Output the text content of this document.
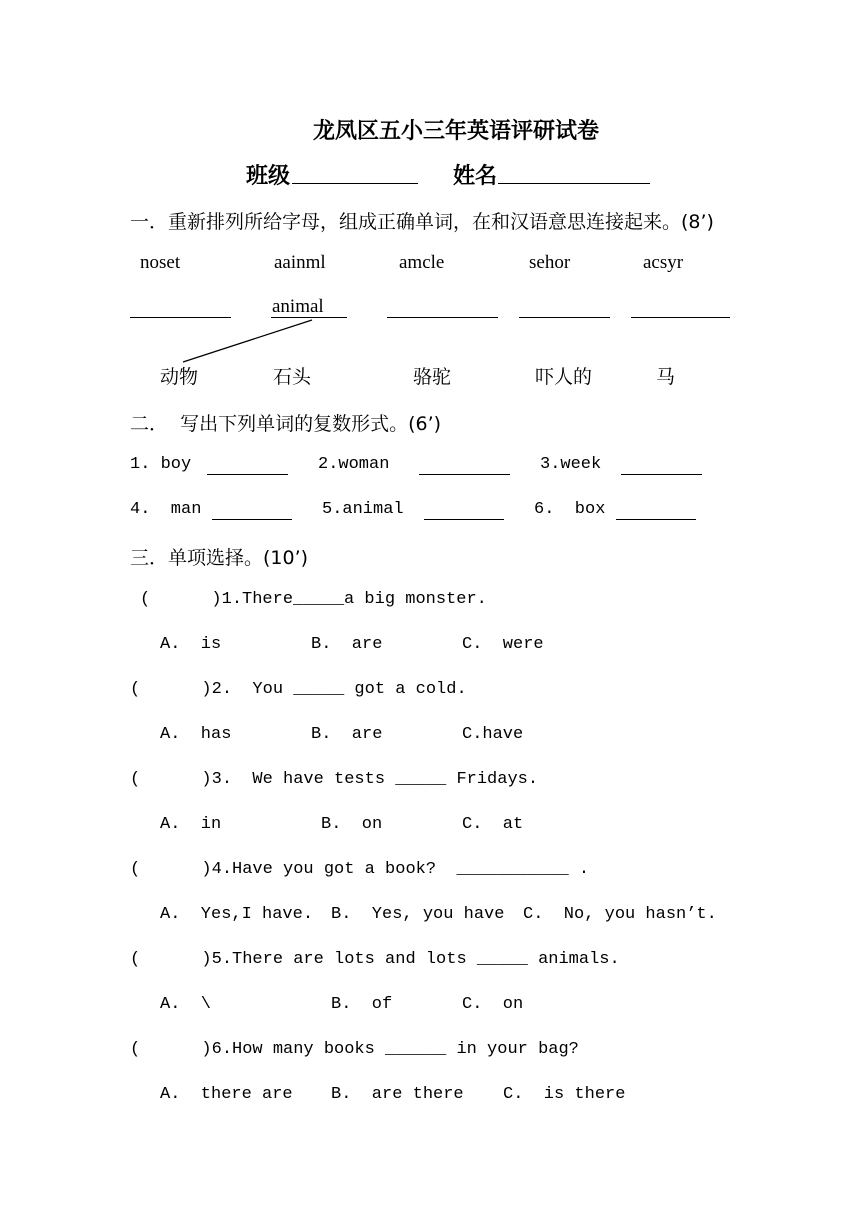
龙凤区五小三年英语评研试卷
班级	姓名
一．重新排列所给字母，组成正确单词，在和汉语意思连接起来。(8’)
noset	aainml	amcle	sehor	acsyr
animal
动物	石头	骆驼	吓人的	马
二．  写出下列单词的复数形式。(6’)
1. boy	2.woman	3.week
4.  man	5.animal	6.  box
三．单项选择。(10’)
(      )1.There_____a big monster.
A.  is	B.  are	C.  were
(      )2.  You _____ got a cold.
A.  has	B.  are	C.have
(      )3.  We have tests _____ Fridays.
A.  in	B.  on	C.  at
(      )4.Have you got a book?  ___________ .
A.  Yes,I have. B.  Yes, you have C.  No, you hasn’t.
(      )5.There are lots and lots _____ animals.
A.  \	B.  of	C.  on
(      )6.How many books ______ in your bag?
A.  there are B.  are there C.  is there
